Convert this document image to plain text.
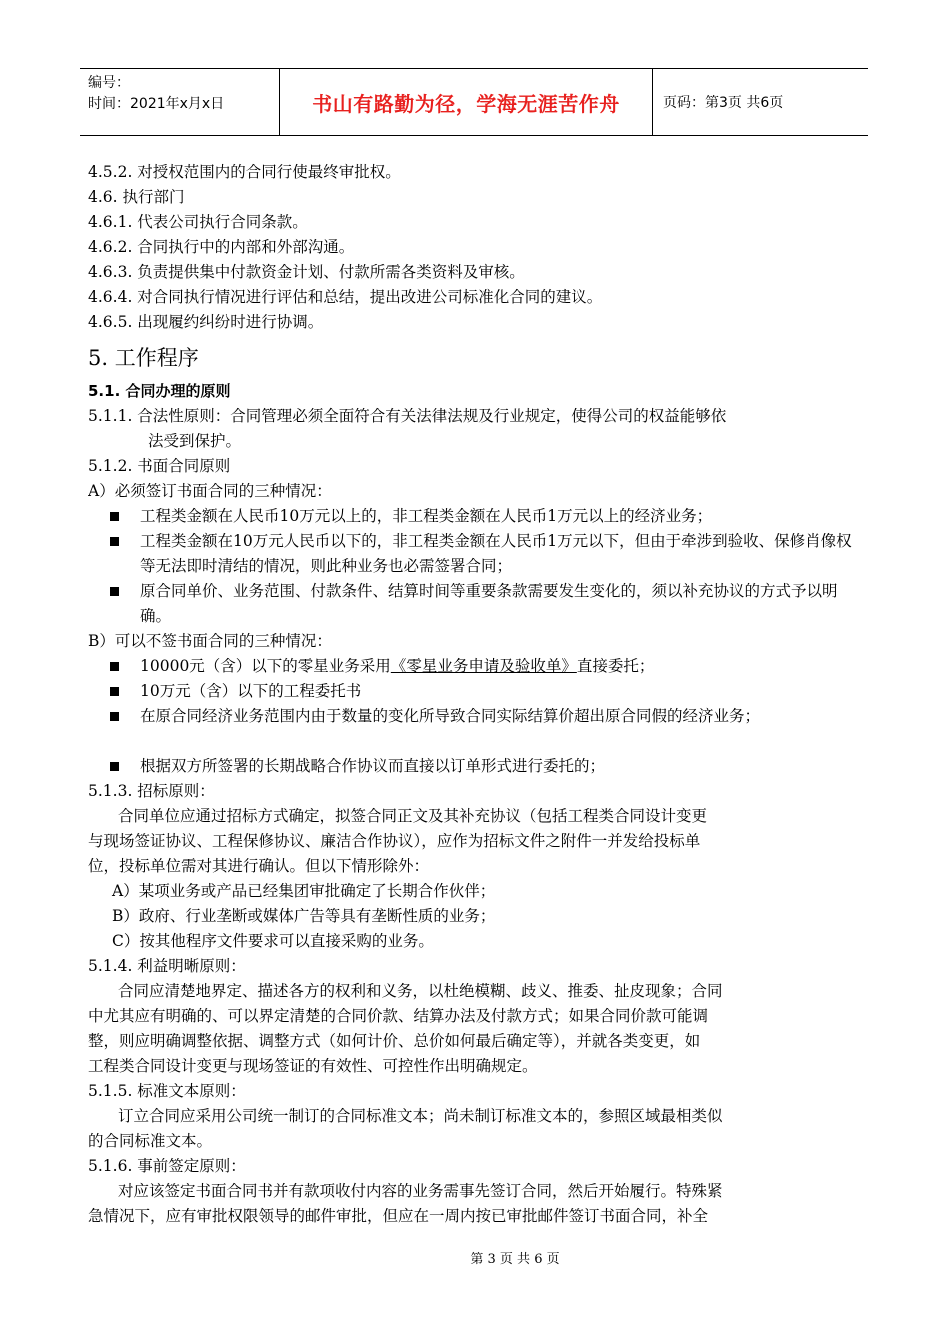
编号：
时间：2021年x月x日	书山有路勤为径，学海无涯苦作舟	页码：第3页 共6页
4.5.2. 对授权范围内的合同行使最终审批权。
4.6. 执行部门
4.6.1. 代表公司执行合同条款。
4.6.2. 合同执行中的内部和外部沟通。
4.6.3. 负责提供集中付款资金计划、付款所需各类资料及审核。
4.6.4. 对合同执行情况进行评估和总结，提出改进公司标准化合同的建议。
4.6.5. 出现履约纠纷时进行协调。
5. 工作程序
5.1. 合同办理的原则
5.1.1. 合法性原则：合同管理必须全面符合有关法律法规及行业规定，使得公司的权益能够依
法受到保护。
5.1.2. 书面合同原则
A）必须签订书面合同的三种情况：
工程类金额在人民币10万元以上的，非工程类金额在人民币1万元以上的经济业务；
工程类金额在10万元人民币以下的，非工程类金额在人民币1万元以下，但由于牵涉到验收、保修肖像权等无法即时清结的情况，则此种业务也必需签署合同；
原合同单价、业务范围、付款条件、结算时间等重要条款需要发生变化的，须以补充协议的方式予以明确。
B）可以不签书面合同的三种情况：
10000元（含）以下的零星业务采用《零星业务申请及验收单》直接委托；
10万元（含）以下的工程委托书
在原合同经济业务范围内由于数量的变化所导致合同实际结算价超出原合同假的经济业务；
根据双方所签署的长期战略合作协议而直接以订单形式进行委托的；
5.1.3. 招标原则：
合同单位应通过招标方式确定，拟签合同正文及其补充协议（包括工程类合同设计变更
与现场签证协议、工程保修协议、廉洁合作协议），应作为招标文件之附件一并发给投标单
位，投标单位需对其进行确认。但以下情形除外：
A）某项业务或产品已经集团审批确定了长期合作伙伴；
B）政府、行业垄断或媒体广告等具有垄断性质的业务；
C）按其他程序文件要求可以直接采购的业务。
5.1.4. 利益明晰原则：
合同应清楚地界定、描述各方的权利和义务，以杜绝模糊、歧义、推委、扯皮现象；合同
中尤其应有明确的、可以界定清楚的合同价款、结算办法及付款方式；如果合同价款可能调
整，则应明确调整依据、调整方式（如何计价、总价如何最后确定等），并就各类变更，如
工程类合同设计变更与现场签证的有效性、可控性作出明确规定。
5.1.5. 标准文本原则：
订立合同应采用公司统一制订的合同标准文本；尚未制订标准文本的，参照区域最相类似
的合同标准文本。
5.1.6. 事前签定原则：
对应该签定书面合同书并有款项收付内容的业务需事先签订合同，然后开始履行。特殊紧
急情况下，应有审批权限领导的邮件审批，但应在一周内按已审批邮件签订书面合同，补全
第 3 页 共 6 页
